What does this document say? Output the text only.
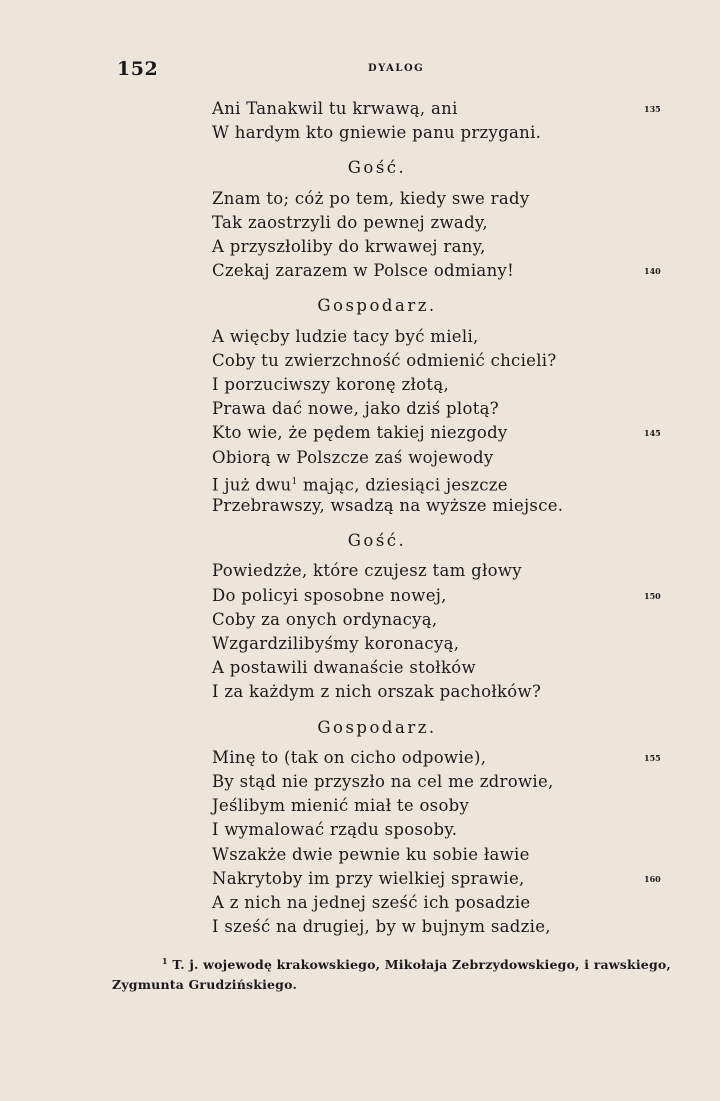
152	DYALOG
Ani Tanakwil tu krwawą, ani	135
W hardym kto gniewie panu przygani.
Gość.
Znam to; cóż po tem, kiedy swe rady
Tak zaostrzyli do pewnej zwady,
A przyszłoliby do krwawej rany,
Czekaj zarazem w Polsce odmiany!	140
Gospodarz.
A więcby ludzie tacy być mieli,
Coby tu zwierzchność odmienić chcieli?
I porzuciwszy koronę złotą,
Prawa dać nowe, jako dziś plotą?
Kto wie, że pędem takiej niezgody	145
Obiorą w Polszcze zaś wojewody
I już dwu$^1$ mając, dziesiąci jeszcze
Przebrawszy, wsadzą na wyższe miejsce.
Gość.
Powiedzże, które czujesz tam głowy
Do policyi sposobne nowej,	150
Coby za onych ordynacyą,
Wzgardzilibyśmy koronacyą,
A postawili dwanaście stołków
I za każdym z nich orszak pachołków?
Gospodarz.
Minę to (tak on cicho odpowie),	155
By stąd nie przyszło na cel me zdrowie,
Jeślibym mienić miał te osoby
I wymalować rządu sposoby.
Wszakże dwie pewnie ku sobie ławie
Nakrytoby im przy wielkiej sprawie,	160
A z nich na jednej sześć ich posadzie
I sześć na drugiej, by w bujnym sadzie,
$^1$ T. j. wojewodę krakowskiego, Mikołaja Zebrzydowskiego, i rawskiego, Zygmunta Grudzińskiego.
